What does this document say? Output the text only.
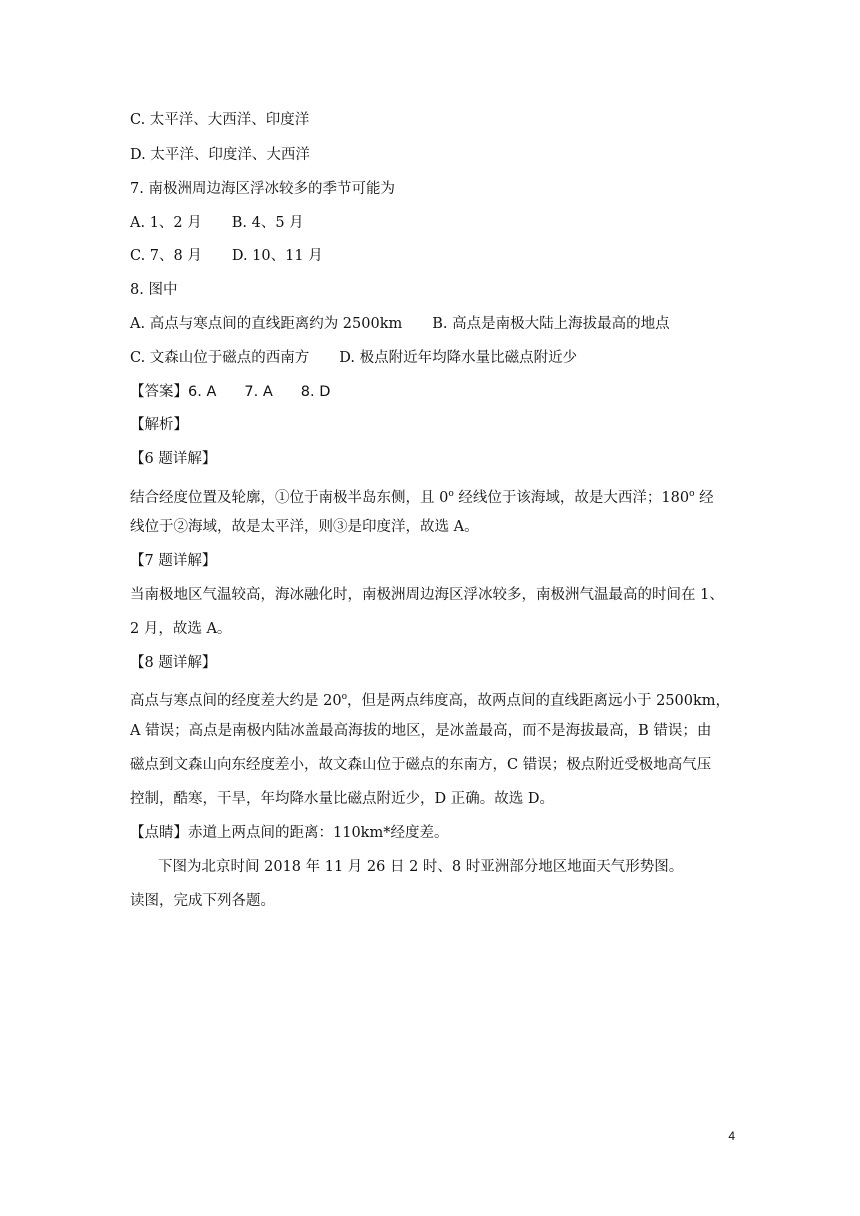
C. 太平洋、大西洋、印度洋
D. 太平洋、印度洋、大西洋
7. 南极洲周边海区浮冰较多的季节可能为
A. 1、2 月 B. 4、5 月
C. 7、8 月 D. 10、11 月
8. 图中
A. 高点与寒点间的直线距离约为 2500km B. 高点是南极大陆上海拔最高的地点
C. 文森山位于磁点的西南方 D. 极点附近年均降水量比磁点附近少
【答案】6. A 7. A 8. D
【解析】
【6 题详解】
结合经度位置及轮廓，①位于南极半岛东侧，且 0$^o$ 经线位于该海域，故是大西洋；180$^o$ 经
线位于②海域，故是太平洋，则③是印度洋，故选 A。
【7 题详解】
当南极地区气温较高，海冰融化时，南极洲周边海区浮冰较多，南极洲气温最高的时间在 1、
2 月，故选 A。
【8 题详解】
高点与寒点间的经度差大约是 20$^o$，但是两点纬度高，故两点间的直线距离远小于 2500km，
A 错误；高点是南极内陆冰盖最高海拔的地区，是冰盖最高，而不是海拔最高，B 错误；由
磁点到文森山向东经度差小，故文森山位于磁点的东南方，C 错误；极点附近受极地高气压
控制，酷寒，干旱，年均降水量比磁点附近少，D 正确。故选 D。
【点睛】赤道上两点间的距离：110km*经度差。
下图为北京时间 2018 年 11 月 26 日 2 时、8 时亚洲部分地区地面天气形势图。
读图，完成下列各题。
4
